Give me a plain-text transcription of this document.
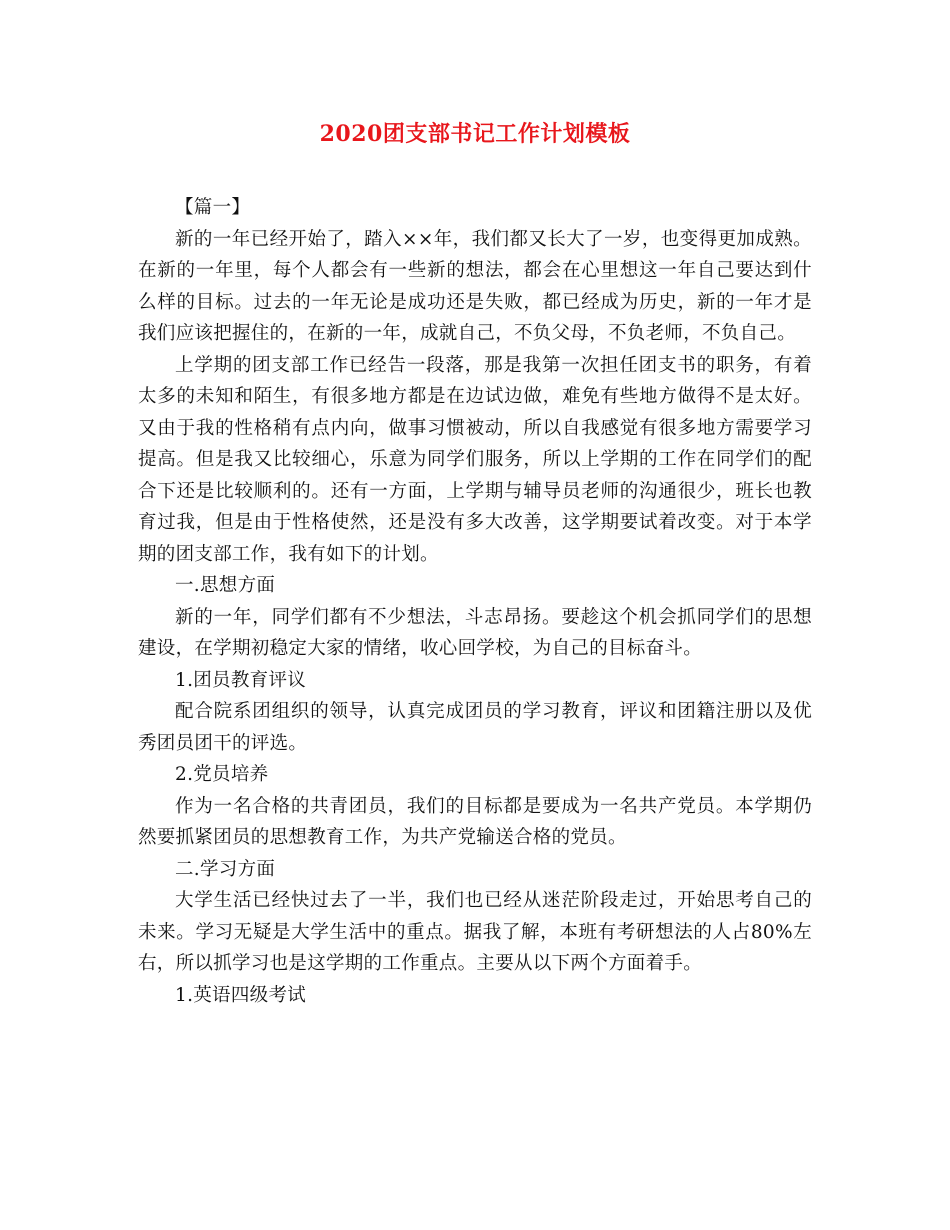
2020团支部书记工作计划模板

【篇一】

新的一年已经开始了，踏入××年，我们都又长大了一岁，也变得更加成熟。在新的一年里，每个人都会有一些新的想法，都会在心里想这一年自己要达到什么样的目标。过去的一年无论是成功还是失败，都已经成为历史，新的一年才是我们应该把握住的，在新的一年，成就自己，不负父母，不负老师，不负自己。

上学期的团支部工作已经告一段落，那是我第一次担任团支书的职务，有着太多的未知和陌生，有很多地方都是在边试边做，难免有些地方做得不是太好。又由于我的性格稍有点内向，做事习惯被动，所以自我感觉有很多地方需要学习提高。但是我又比较细心，乐意为同学们服务，所以上学期的工作在同学们的配合下还是比较顺利的。还有一方面，上学期与辅导员老师的沟通很少，班长也教育过我，但是由于性格使然，还是没有多大改善，这学期要试着改变。对于本学期的团支部工作，我有如下的计划。

一.思想方面

新的一年，同学们都有不少想法，斗志昂扬。要趁这个机会抓同学们的思想建设，在学期初稳定大家的情绪，收心回学校，为自己的目标奋斗。

1.团员教育评议

配合院系团组织的领导，认真完成团员的学习教育，评议和团籍注册以及优秀团员团干的评选。

2.党员培养

作为一名合格的共青团员，我们的目标都是要成为一名共产党员。本学期仍然要抓紧团员的思想教育工作，为共产党输送合格的党员。

二.学习方面

大学生活已经快过去了一半，我们也已经从迷茫阶段走过，开始思考自己的未来。学习无疑是大学生活中的重点。据我了解，本班有考研想法的人占80%左右，所以抓学习也是这学期的工作重点。主要从以下两个方面着手。

1.英语四级考试
